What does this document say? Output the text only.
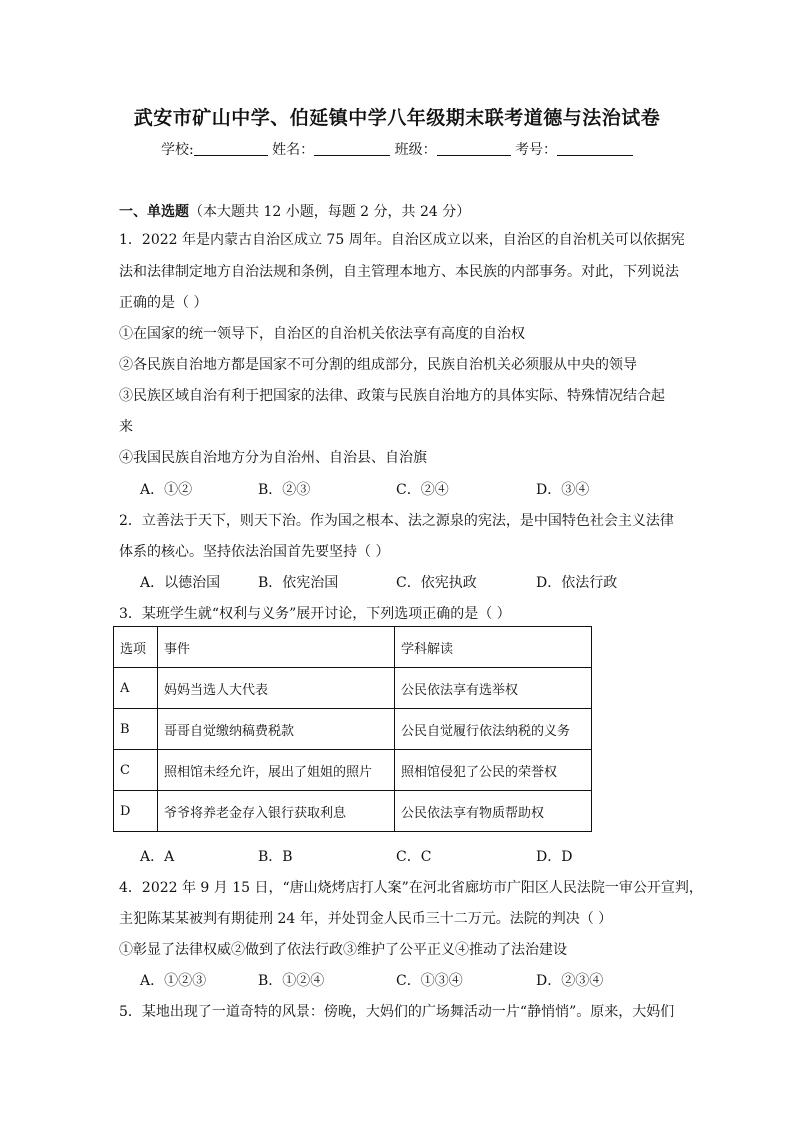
武安市矿山中学、伯延镇中学八年级期末联考道德与法治试卷
学校:	姓名：	班级：	考号：
一、单选题（本大题共 12 小题，每题 2 分，共 24 分）
1．2022 年是内蒙古自治区成立 75 周年。自治区成立以来，自治区的自治机关可以依据宪
法和法律制定地方自治法规和条例，自主管理本地方、本民族的内部事务。对此，下列说法
正确的是（ ）
①在国家的统一领导下，自治区的自治机关依法享有高度的自治权
②各民族自治地方都是国家不可分割的组成部分，民族自治机关必须服从中央的领导
③民族区域自治有利于把国家的法律、政策与民族自治地方的具体实际、特殊情况结合起
来
④我国民族自治地方分为自治州、自治县、自治旗
A．①②	B．②③	C．②④	D．③④
2．立善法于天下，则天下治。作为国之根本、法之源泉的宪法，是中国特色社会主义法律
体系的核心。坚持依法治国首先要坚持（ ）
A．以德治国	B．依宪治国	C．依宪执政	D．依法行政
3．某班学生就“权利与义务”展开讨论，下列选项正确的是（ ）
选项	事件	学科解读
A	妈妈当选人大代表	公民依法享有选举权
B	哥哥自觉缴纳稿费税款	公民自觉履行依法纳税的义务
C	照相馆未经允许，展出了姐姐的照片	照相馆侵犯了公民的荣誉权
D	爷爷将养老金存入银行获取利息	公民依法享有物质帮助权
A．A	B．B	C．C	D．D
4．2022 年 9 月 15 日，“唐山烧烤店打人案”在河北省廊坊市广阳区人民法院一审公开宣判，
主犯陈某某被判有期徒刑 24 年，并处罚金人民币三十二万元。法院的判决（ ）
①彰显了法律权威②做到了依法行政③维护了公平正义④推动了法治建设
A．①②③	B．①②④	C．①③④	D．②③④
5．某地出现了一道奇特的风景：傍晚，大妈们的广场舞活动一片“静悄悄”。原来，大妈们
